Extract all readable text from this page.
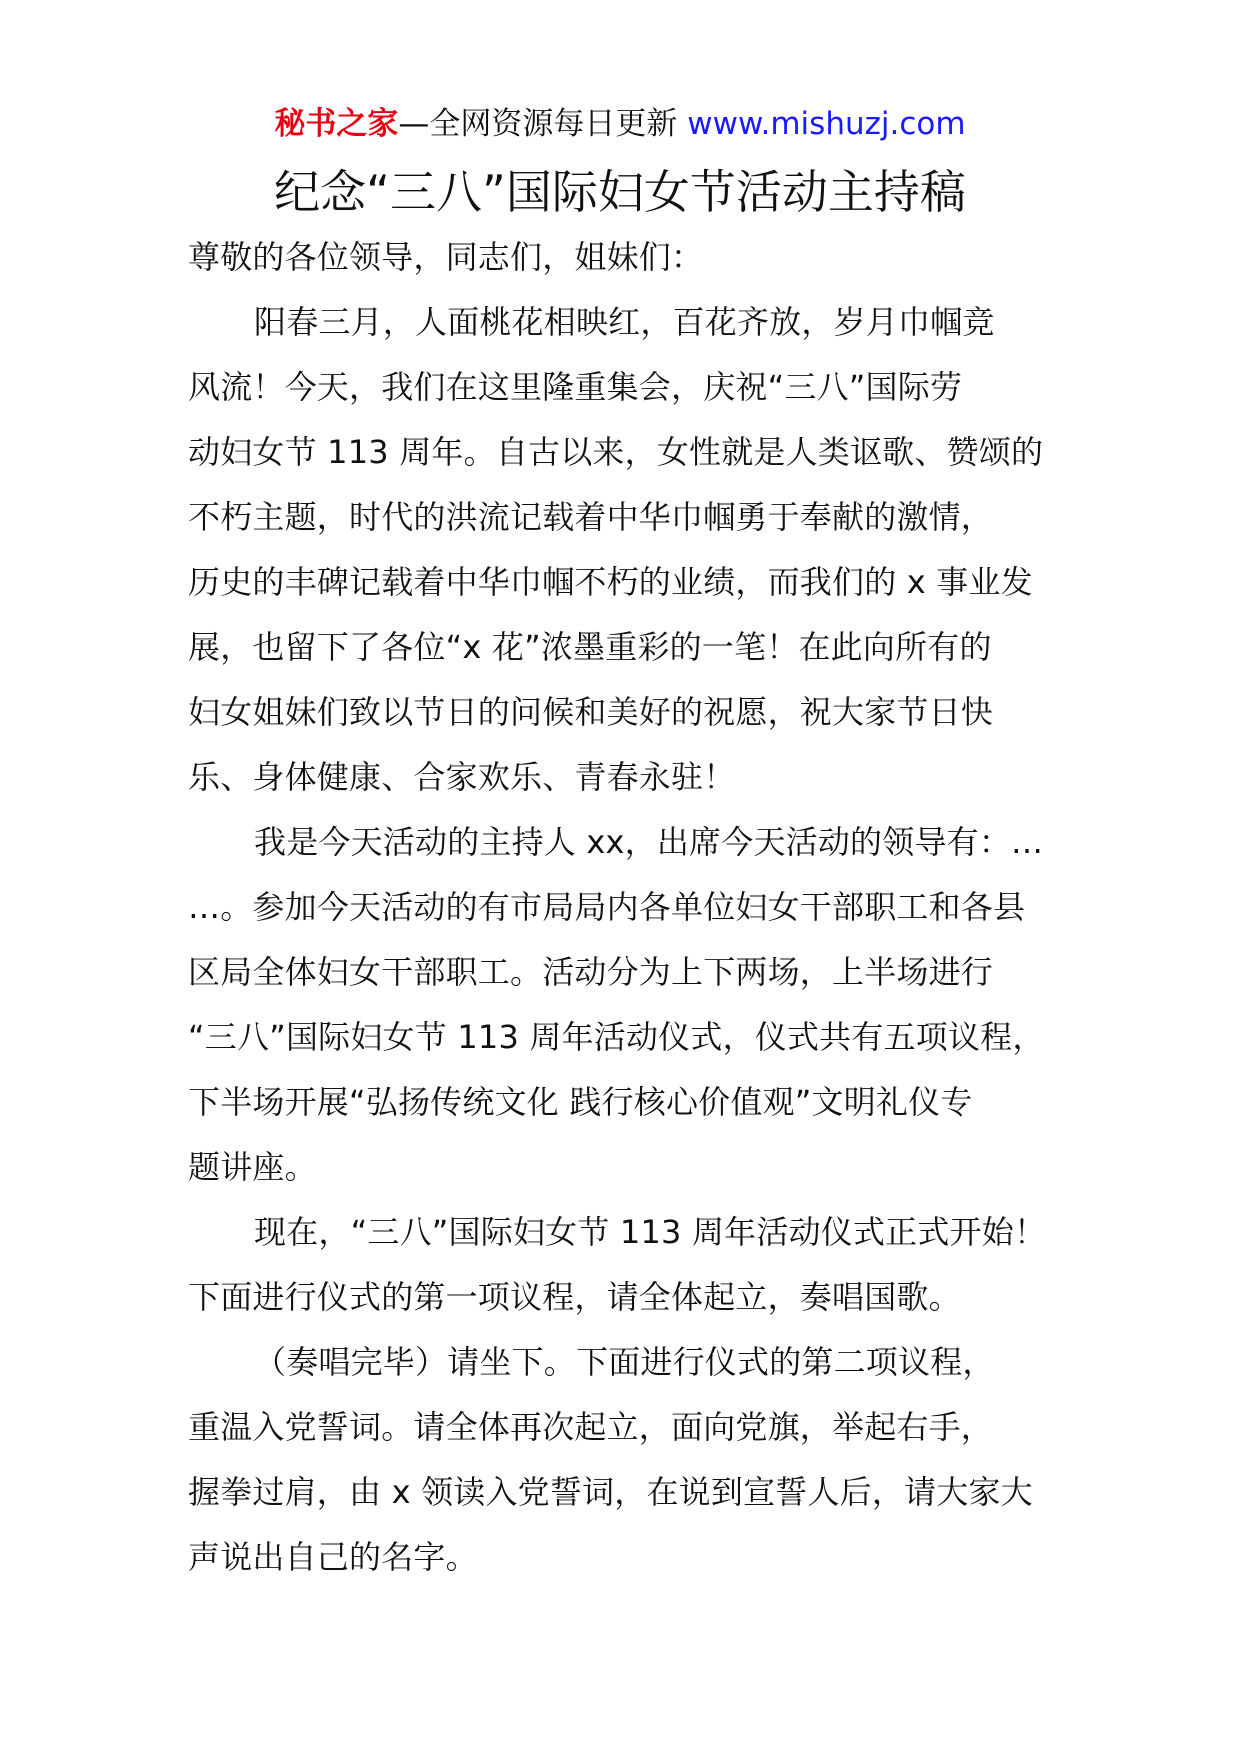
秘书之家—全网资源每日更新 www.mishuzj.com
纪念“三八”国际妇女节活动主持稿
尊敬的各位领导，同志们，姐妹们：
阳春三月，人面桃花相映红，百花齐放，岁月巾帼竞
风流！今天，我们在这里隆重集会，庆祝“三八”国际劳
动妇女节 113 周年。自古以来，女性就是人类讴歌、赞颂的
不朽主题，时代的洪流记载着中华巾帼勇于奉献的激情，
历史的丰碑记载着中华巾帼不朽的业绩，而我们的 x 事业发
展，也留下了各位“x 花”浓墨重彩的一笔！在此向所有的
妇女姐妹们致以节日的问候和美好的祝愿，祝大家节日快
乐、身体健康、合家欢乐、青春永驻！
我是今天活动的主持人 xx，出席今天活动的领导有：…
…。参加今天活动的有市局局内各单位妇女干部职工和各县
区局全体妇女干部职工。活动分为上下两场，上半场进行
“三八”国际妇女节 113 周年活动仪式，仪式共有五项议程，
下半场开展“弘扬传统文化 践行核心价值观”文明礼仪专
题讲座。
现在，“三八”国际妇女节 113 周年活动仪式正式开始！
下面进行仪式的第一项议程，请全体起立，奏唱国歌。
（奏唱完毕）请坐下。下面进行仪式的第二项议程，
重温入党誓词。请全体再次起立，面向党旗，举起右手，
握拳过肩，由 x 领读入党誓词，在说到宣誓人后，请大家大
声说出自己的名字。
